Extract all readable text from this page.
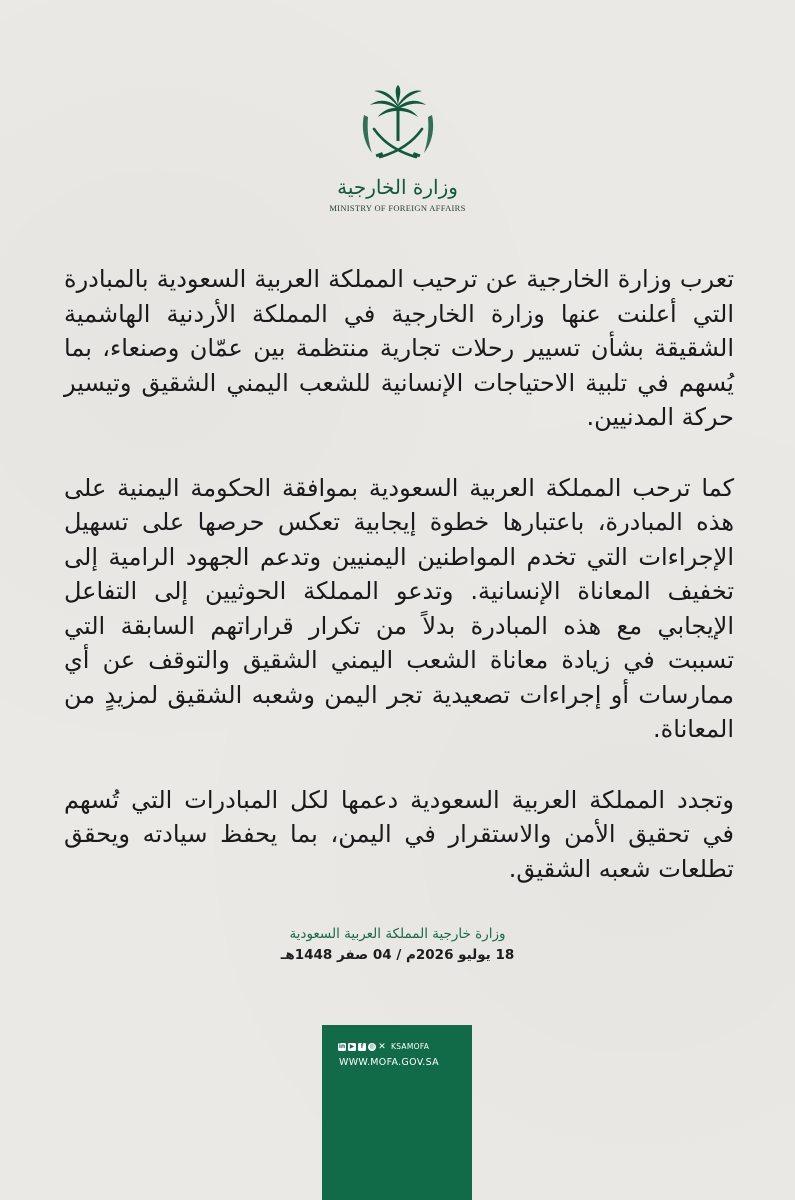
وزارة الخارجية
MINISTRY OF FOREIGN AFFAIRS

تعرب وزارة الخارجية عن ترحيب المملكة العربية السعودية بالمبادرة التي أعلنت عنها وزارة الخارجية في المملكة الأردنية الهاشمية الشقيقة بشأن تسيير رحلات تجارية منتظمة بين عمّان وصنعاء، بما يُسهم في تلبية الاحتياجات الإنسانية للشعب اليمني الشقيق وتيسير حركة المدنيين.

كما ترحب المملكة العربية السعودية بموافقة الحكومة اليمنية على هذه المبادرة، باعتبارها خطوة إيجابية تعكس حرصها على تسهيل الإجراءات التي تخدم المواطنين اليمنيين وتدعم الجهود الرامية إلى تخفيف المعاناة الإنسانية. وتدعو المملكة الحوثيين إلى التفاعل الإيجابي مع هذه المبادرة بدلاً من تكرار قراراتهم السابقة التي تسببت في زيادة معاناة الشعب اليمني الشقيق والتوقف عن أي ممارسات أو إجراءات تصعيدية تجر اليمن وشعبه الشقيق لمزيدٍ من المعاناة.

وتجدد المملكة العربية السعودية دعمها لكل المبادرات التي تُسهم في تحقيق الأمن والاستقرار في اليمن، بما يحفظ سيادته ويحقق تطلعات شعبه الشقيق.

وزارة خارجية المملكة العربية السعودية
18 يوليو 2026م / 04 صفر 1448هـ
in ▶	f	◎ ✕ KSAMOFA
WWW.MOFA.GOV.SA
